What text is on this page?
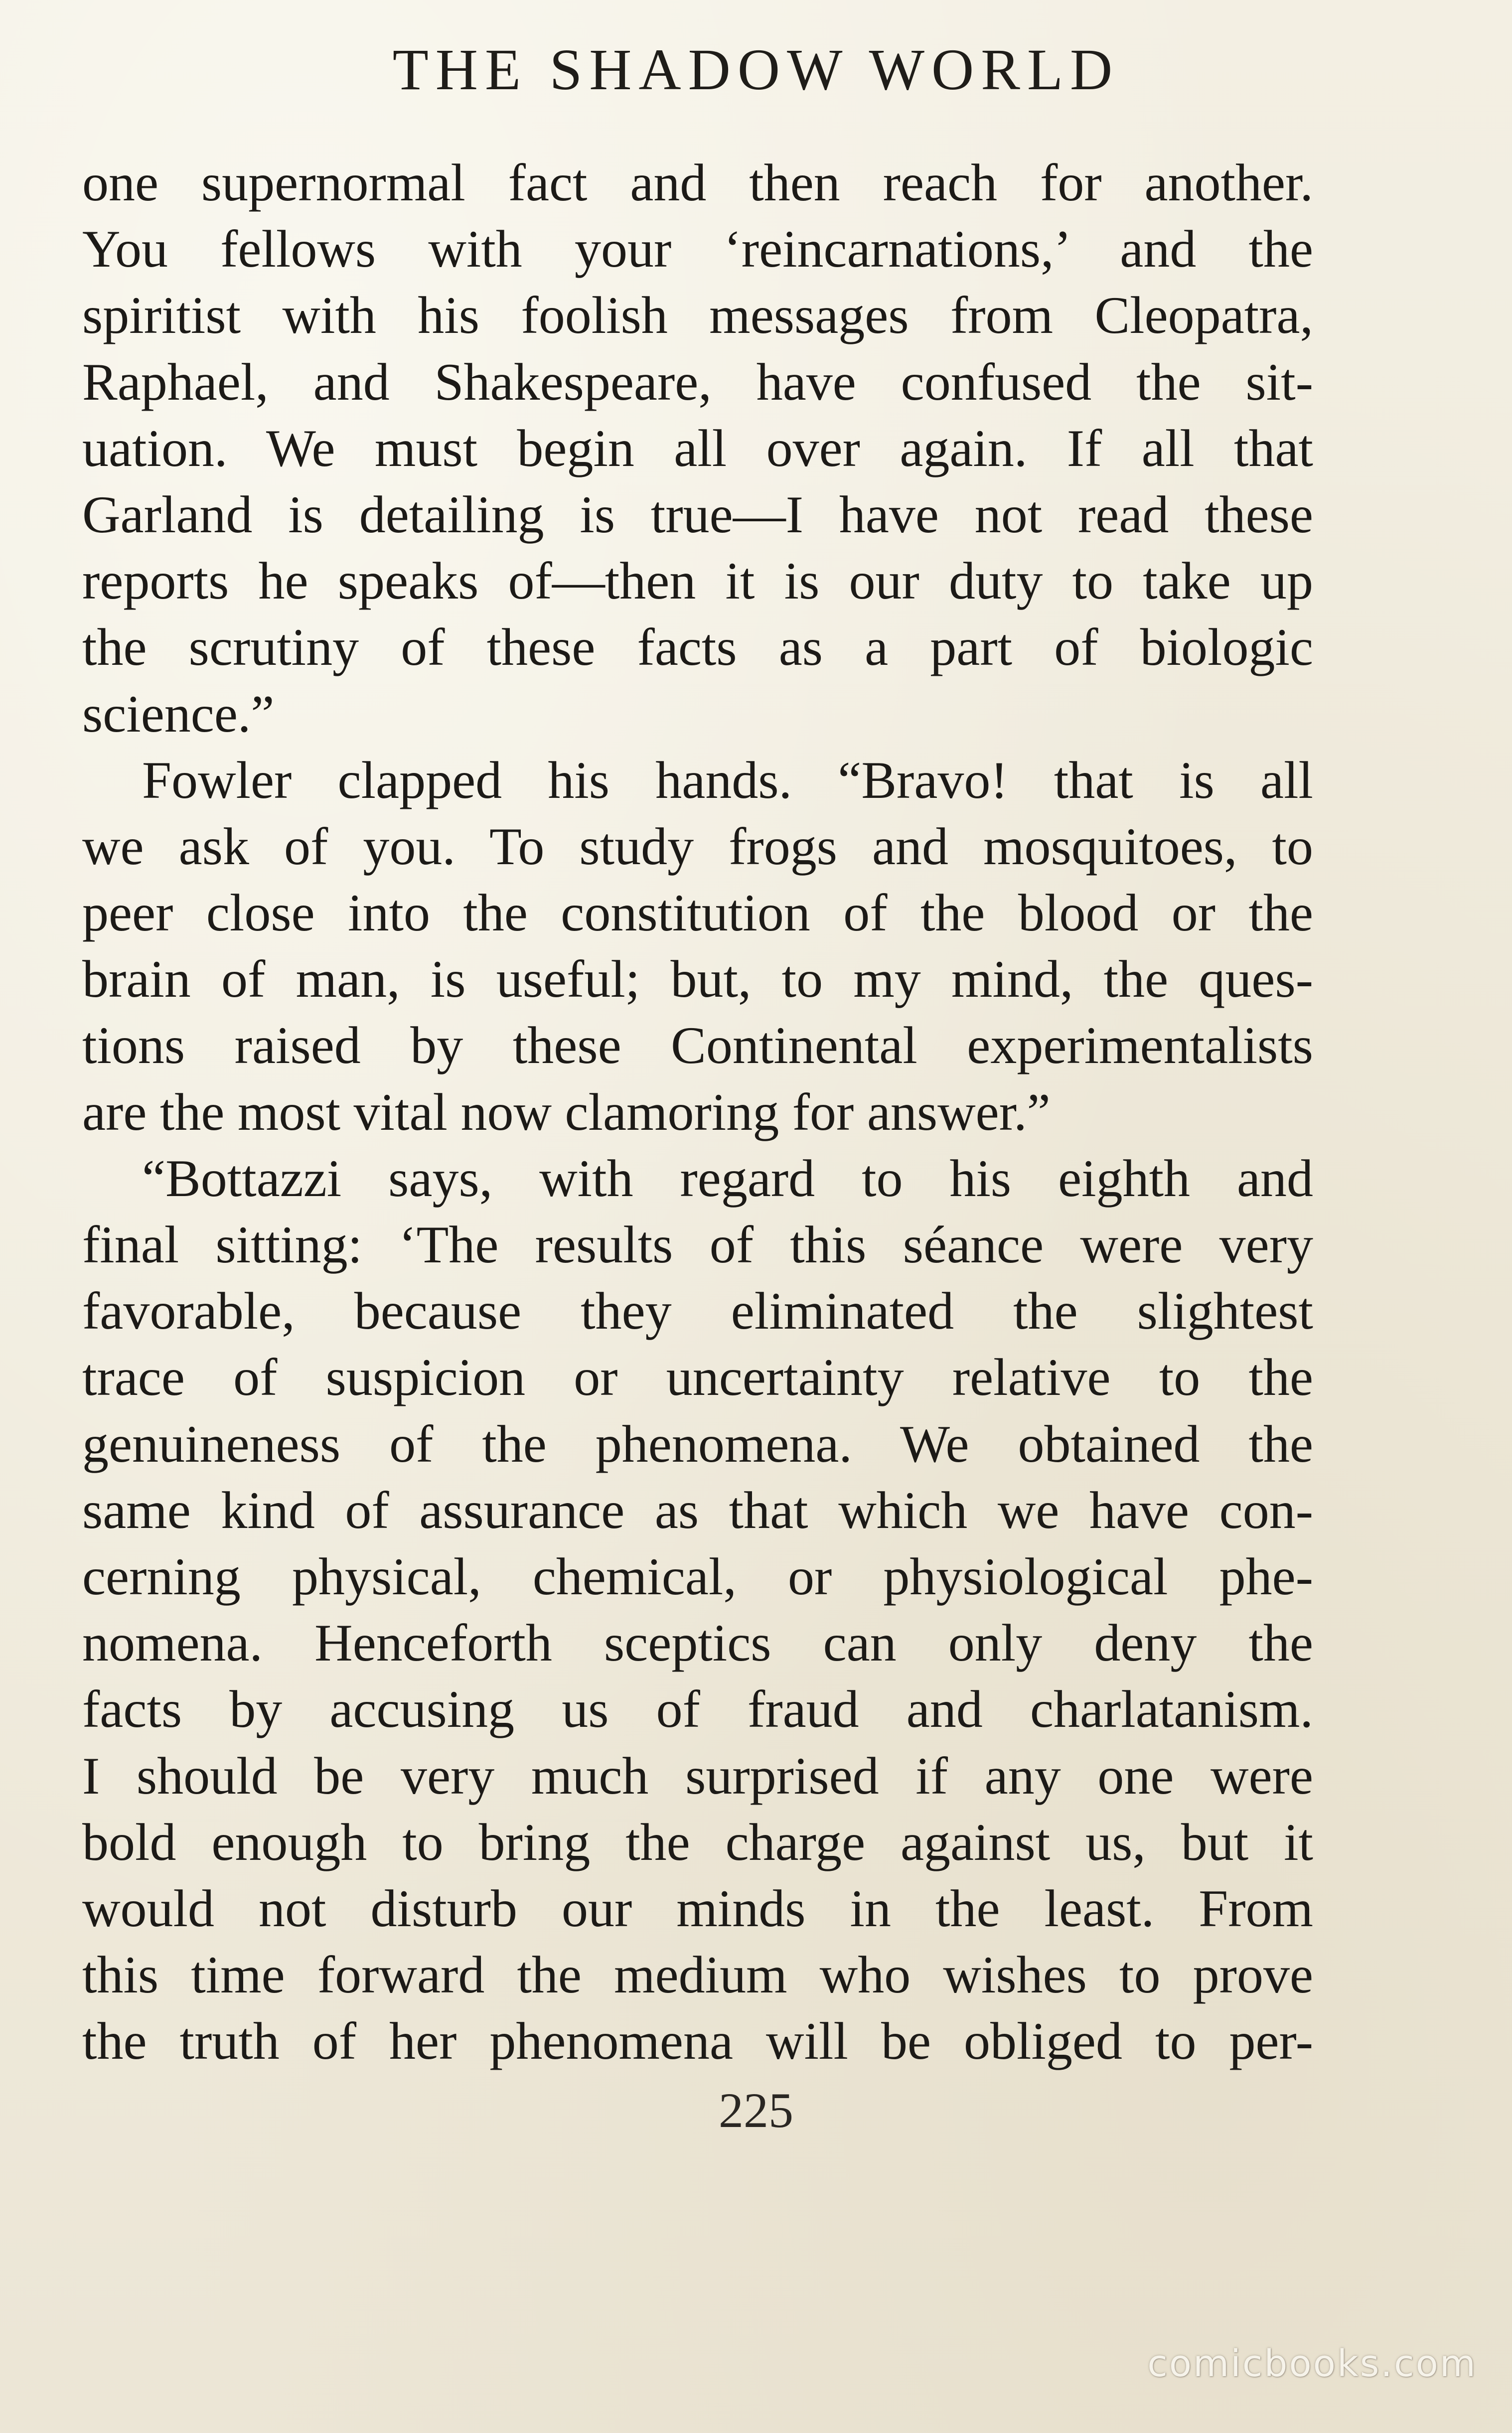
THE SHADOW WORLD
one supernormal fact and then reach for another.
You fellows with your ‘reincarnations,’ and the
spiritist with his foolish messages from Cleopatra,
Raphael, and Shakespeare, have confused the sit-
uation. We must begin all over again. If all that
Garland is detailing is true—I have not read these
reports he speaks of—then it is our duty to take up
the scrutiny of these facts as a part of biologic
science.”
Fowler clapped his hands. “Bravo! that is all
we ask of you. To study frogs and mosquitoes, to
peer close into the constitution of the blood or the
brain of man, is useful; but, to my mind, the ques-
tions raised by these Continental experimentalists
are the most vital now clamoring for answer.”
“Bottazzi says, with regard to his eighth and
final sitting: ‘The results of this séance were very
favorable, because they eliminated the slightest
trace of suspicion or uncertainty relative to the
genuineness of the phenomena. We obtained the
same kind of assurance as that which we have con-
cerning physical, chemical, or physiological phe-
nomena. Henceforth sceptics can only deny the
facts by accusing us of fraud and charlatanism.
I should be very much surprised if any one were
bold enough to bring the charge against us, but it
would not disturb our minds in the least. From
this time forward the medium who wishes to prove
the truth of her phenomena will be obliged to per-
225
comicbooks.com
